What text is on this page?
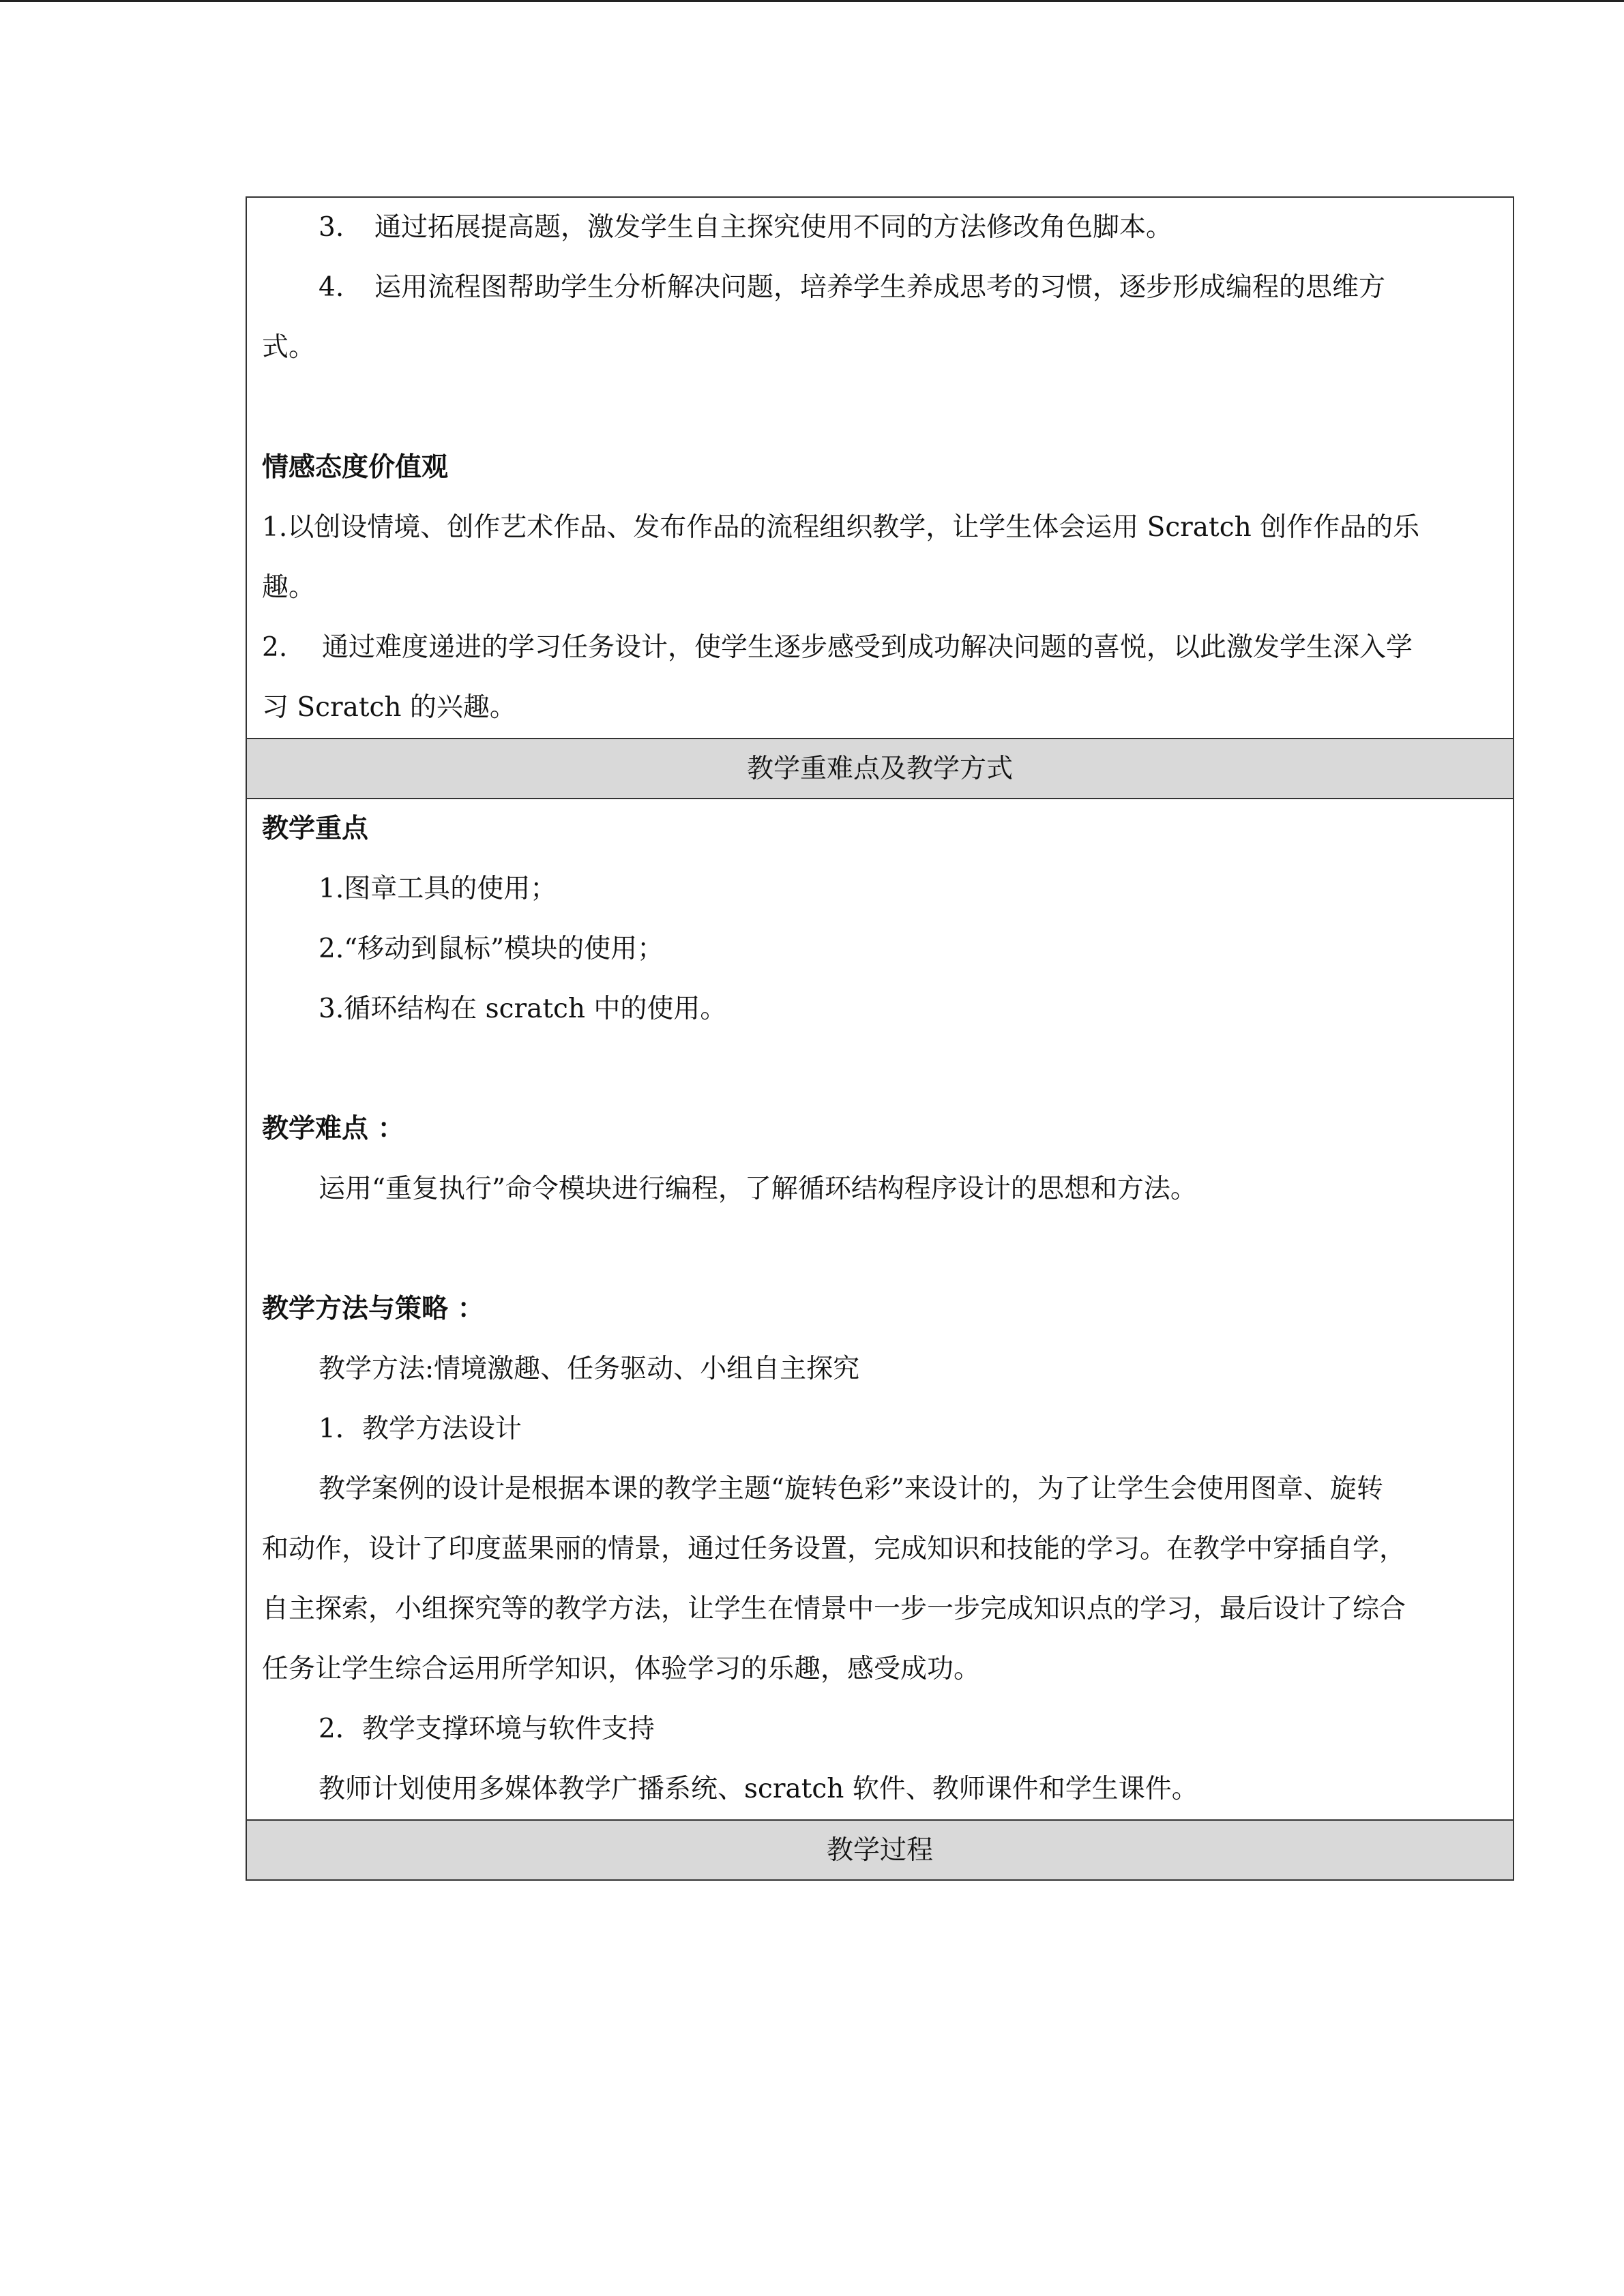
3. 通过拓展提高题，激发学生自主探究使用不同的方法修改角色脚本。
4. 运用流程图帮助学生分析解决问题，培养学生养成思考的习惯，逐步形成编程的思维方
式。
情感态度价值观
1.以创设情境、创作艺术作品、发布作品的流程组织教学，让学生体会运用 Scratch 创作作品的乐
趣。
2. 通过难度递进的学习任务设计，使学生逐步感受到成功解决问题的喜悦，以此激发学生深入学
习 Scratch 的兴趣。
教学重难点及教学方式
教学重点
1.图章工具的使用；
2.“移动到鼠标”模块的使用；
3.循环结构在 scratch 中的使用。
教学难点 ：
运用“重复执行”命令模块进行编程，了解循环结构程序设计的思想和方法。
教学方法与策略 ：
教学方法:情境激趣、任务驱动、小组自主探究
1．教学方法设计
教学案例的设计是根据本课的教学主题“旋转色彩”来设计的，为了让学生会使用图章、旋转
和动作，设计了印度蓝果丽的情景，通过任务设置，完成知识和技能的学习。在教学中穿插自学，
自主探索，小组探究等的教学方法，让学生在情景中一步一步完成知识点的学习，最后设计了综合
任务让学生综合运用所学知识，体验学习的乐趣，感受成功。
2．教学支撑环境与软件支持
教师计划使用多媒体教学广播系统、scratch 软件、教师课件和学生课件。
教学过程
